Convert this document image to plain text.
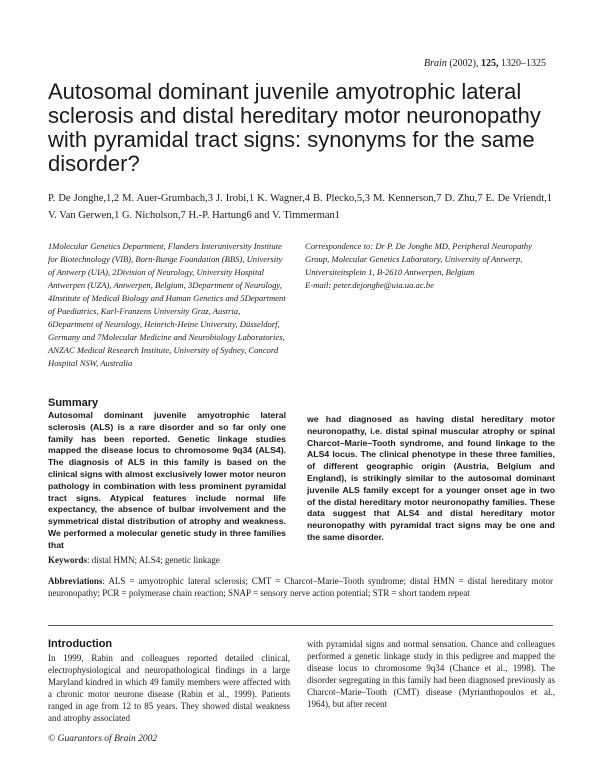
Brain (2002), 125, 1320–1325
Autosomal dominant juvenile amyotrophic lateral sclerosis and distal hereditary motor neuronopathy with pyramidal tract signs: synonyms for the same disorder?
P. De Jonghe,1,2 M. Auer-Grumbach,3 J. Irobi,1 K. Wagner,4 B. Plecko,5,3 M. Kennerson,7 D. Zhu,7 E. De Vriendt,1 V. Van Gerwen,1 G. Nicholson,7 H.-P. Hartung6 and V. Timmerman1
1Molecular Genetics Department, Flanders Interuniversity Institute for Biotechnology (VIB), Born-Bunge Foundation (BBS), University of Antwerp (UIA), 2Division of Neurology, University Hospital Antwerpen (UZA), Antwerpen, Belgium, 3Department of Neurology, 4Institute of Medical Biology and Human Genetics and 5Department of Paediatrics, Karl-Franzens University Graz, Austria, 6Department of Neurology, Heinrich-Heine University, Düsseldorf, Germany and 7Molecular Medicine and Neurobiology Laboratories, ANZAC Medical Research Institute, University of Sydney, Concord Hospital NSW, Australia
Correspondence to: Dr P. De Jonghe MD, Peripheral Neuropathy Group, Molecular Genetics Laboratory, University of Antwerp, Universiteitsplein 1, B-2610 Antwerpen, Belgium
E-mail: peter.dejonghe@uia.ua.ac.be
Summary
Autosomal dominant juvenile amyotrophic lateral sclerosis (ALS) is a rare disorder and so far only one family has been reported. Genetic linkage studies mapped the disease locus to chromosome 9q34 (ALS4). The diagnosis of ALS in this family is based on the clinical signs with almost exclusively lower motor neuron pathology in combination with less prominent pyramidal tract signs. Atypical features include normal life expectancy, the absence of bulbar involvement and the symmetrical distal distribution of atrophy and weakness. We performed a molecular genetic study in three families that
we had diagnosed as having distal hereditary motor neuronopathy, i.e. distal spinal muscular atrophy or spinal Charcot–Marie–Tooth syndrome, and found linkage to the ALS4 locus. The clinical phenotype in these three families, of different geographic origin (Austria, Belgium and England), is strikingly similar to the autosomal dominant juvenile ALS family except for a younger onset age in two of the distal hereditary motor neuronopathy families. These data suggest that ALS4 and distal hereditary motor neuronopathy with pyramidal tract signs may be one and the same disorder.
Keywords: distal HMN; ALS4; genetic linkage
Abbreviations: ALS = amyotrophic lateral sclerosis; CMT = Charcot–Marie–Tooth syndrome; distal HMN = distal hereditary motor neuronopathy; PCR = polymerase chain reaction; SNAP = sensory nerve action potential; STR = short tandem repeat
Introduction
In 1999, Rabin and colleagues reported detailed clinical, electrophysiological and neuropathological findings in a large Maryland kindred in which 49 family members were affected with a chronic motor neurone disease (Rabin et al., 1999). Patients ranged in age from 12 to 85 years. They showed distal weakness and atrophy associated
with pyramidal signs and normal sensation. Chance and colleagues performed a genetic linkage study in this pedigree and mapped the disease locus to chromosome 9q34 (Chance et al., 1998). The disorder segregating in this family had been diagnosed previously as Charcot–Marie–Tooth (CMT) disease (Myrianthopoulos et al., 1964), but after recent
© Guarantors of Brain 2002
